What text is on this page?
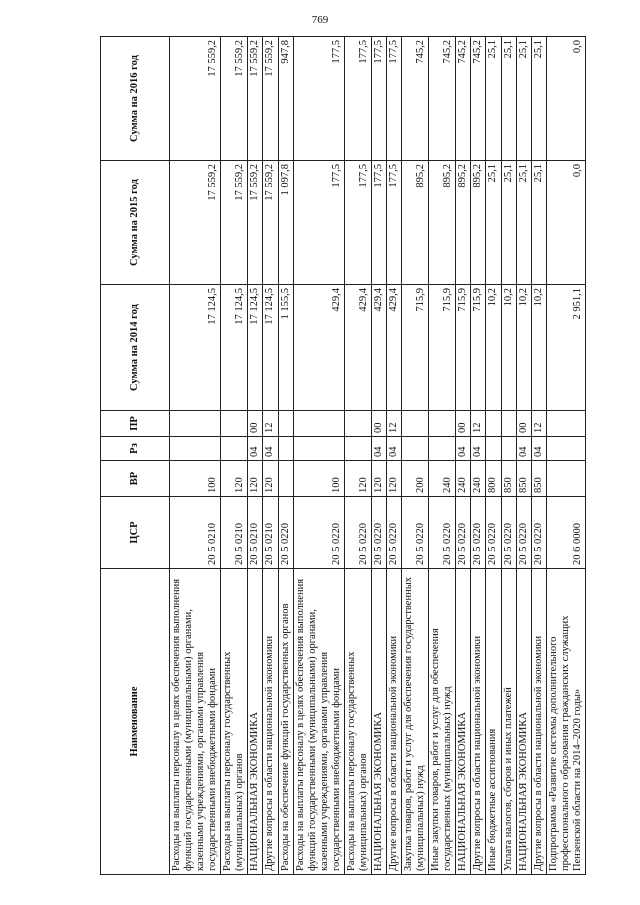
769
Наименование	ЦСР	ВР	Рз	ПР	Сумма на 2014 год	Сумма на 2015 год	Сумма на 2016 год
Расходы на выплаты персоналу в целях обеспечения выполнения функций государственными (муниципальными) органами, казенными учреждениями, органами управления государственными внебюджетными фондами	20 5 0210	100			17 124,5	17 559,2	17 559,2
Расходы на выплаты персоналу государственных (муниципальных) органов	20 5 0210	120			17 124,5	17 559,2	17 559,2
НАЦИОНАЛЬНАЯ ЭКОНОМИКА	20 5 0210	120	04	00	17 124,5	17 559,2	17 559,2
Другие вопросы в области национальной экономики	20 5 0210	120	04	12	17 124,5	17 559,2	17 559,2
Расходы на обеспечение функций государственных органов	20 5 0220				1 155,5	1 097,8	947,8
Расходы на выплаты персоналу в целях обеспечения выполнения функций государственными (муниципальными) органами, казенными учреждениями, органами управления государственными внебюджетными фондами	20 5 0220	100			429,4	177,5	177,5
Расходы на выплаты персоналу государственных (муниципальных) органов	20 5 0220	120			429,4	177,5	177,5
НАЦИОНАЛЬНАЯ ЭКОНОМИКА	20 5 0220	120	04	00	429,4	177,5	177,5
Другие вопросы в области национальной экономики	20 5 0220	120	04	12	429,4	177,5	177,5
Закупка товаров, работ и услуг для обеспечения государственных (муниципальных) нужд	20 5 0220	200			715,9	895,2	745,2
Иные закупки товаров, работ и услуг для обеспечения государственных (муниципальных) нужд	20 5 0220	240			715,9	895,2	745,2
НАЦИОНАЛЬНАЯ ЭКОНОМИКА	20 5 0220	240	04	00	715,9	895,2	745,2
Другие вопросы в области национальной экономики	20 5 0220	240	04	12	715,9	895,2	745,2
Иные бюджетные ассигнования	20 5 0220	800			10,2	25,1	25,1
Уплата налогов, сборов и иных платежей	20 5 0220	850			10,2	25,1	25,1
НАЦИОНАЛЬНАЯ ЭКОНОМИКА	20 5 0220	850	04	00	10,2	25,1	25,1
Другие вопросы в области национальной экономики	20 5 0220	850	04	12	10,2	25,1	25,1
Подпрограмма «Развитие системы дополнительного профессионального образования гражданских служащих Пензенской области на 2014–2020 годы»	20 6 0000				2 951,1	0,0	0,0
